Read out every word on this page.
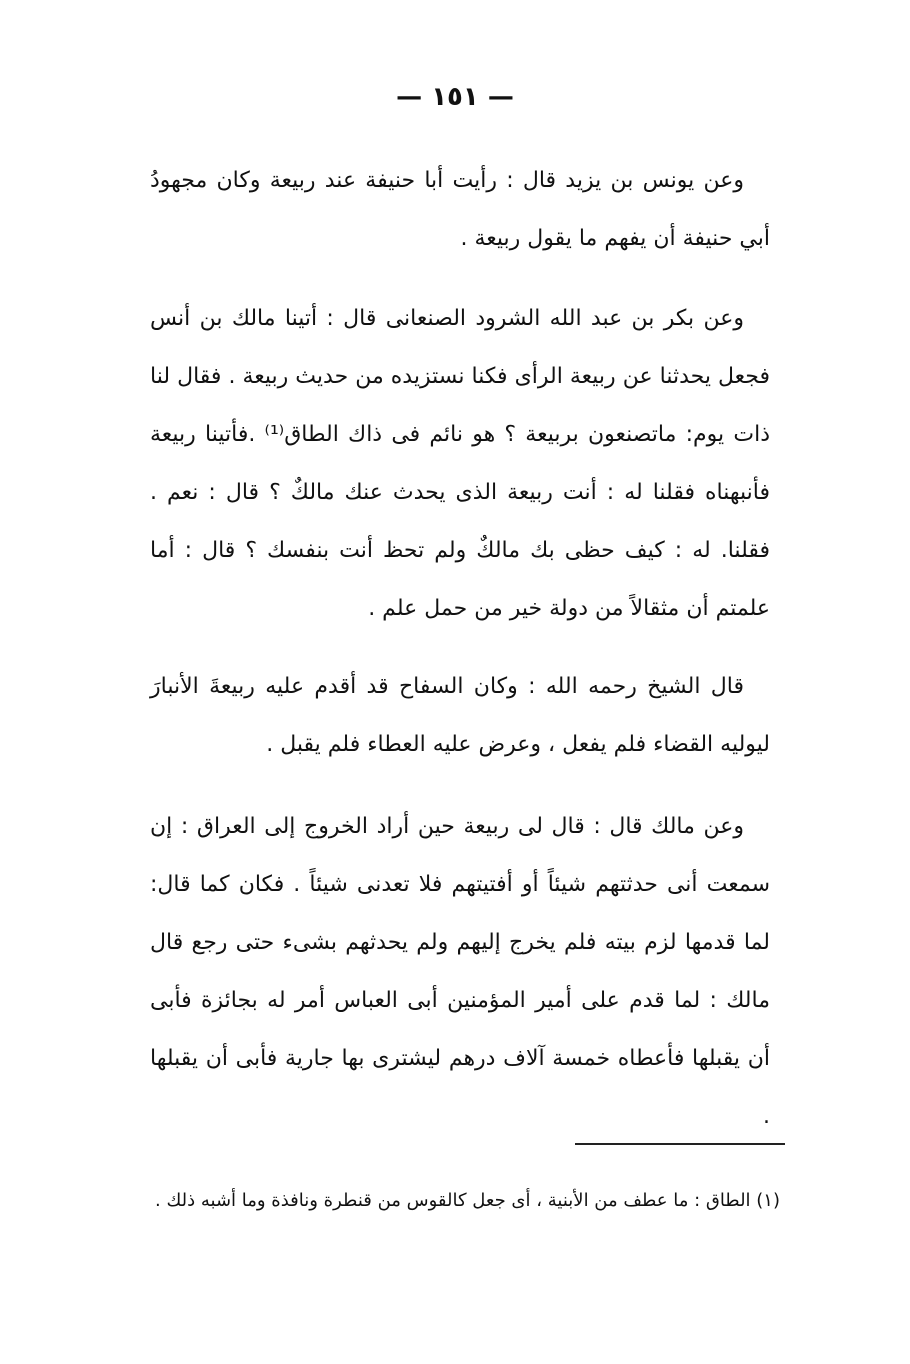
— ١٥١ —

وعن يونس بن يزيد قال : رأيت أبا حنيفة عند ربيعة وكان مجهودُ أبي حنيفة أن يفهم ما يقول ربيعة .

وعن بكر بن عبد الله الشرود الصنعانى قال : أتينا مالك بن أنس فجعل يحدثنا عن ربيعة الرأى فكنا نستزيده من حديث ربيعة . فقال لنا ذات يوم: ماتصنعون بربيعة ؟ هو نائم فى ذاك الطاق⁽¹⁾ .فأتينا ربيعة فأنبهناه فقلنا له : أنت ربيعة الذى يحدث عنك مالكٌ ؟ قال : نعم . فقلنا. له : كيف حظى بك مالكٌ ولم تحظ أنت بنفسك ؟ قال : أما علمتم أن مثقالاً من دولة خير من حمل علم .

قال الشيخ رحمه الله : وكان السفاح قد أقدم عليه ربيعةَ الأنبارَ ليوليه القضاء فلم يفعل ، وعرض عليه العطاء فلم يقبل .

وعن مالك قال : قال لى ربيعة حين أراد الخروج إلى العراق : إن سمعت أنى حدثتهم شيئاً أو أفتيتهم فلا تعدنى شيئاً . فكان كما قال: لما قدمها لزم بيته فلم يخرج إليهم ولم يحدثهم بشىء حتى رجع قال مالك : لما قدم على أمير المؤمنين أبى العباس أمر له بجائزة فأبى أن يقبلها فأعطاه خمسة آلاف درهم ليشترى بها جارية فأبى أن يقبلها .

(١) الطاق : ما عطف من الأبنية ، أى جعل كالقوس من قنطرة ونافذة وما أشبه ذلك .
